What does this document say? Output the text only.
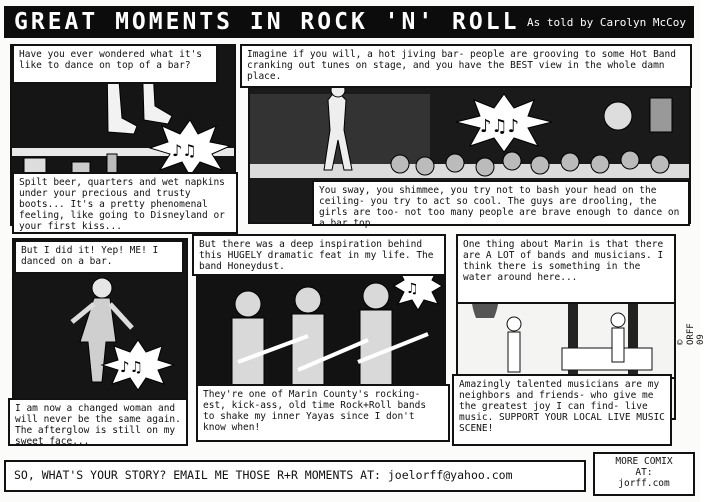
GREAT MOMENTS IN ROCK 'N' ROLL As told by Carolyn McCoy
♪♫
Have you ever wondered what it's like to dance on top of a bar?
Spilt beer, quarters and wet napkins under your precious and trusty boots... It's a pretty phenomenal feeling, like going to Disneyland or your first kiss...
♪♫♪
Imagine if you will, a hot jiving bar- people are grooving to some Hot Band cranking out tunes on stage, and you have the BEST view in the whole damn place.
You sway, you shimmee, you try not to bash your head on the ceiling- you try to act so cool. The guys are drooling, the girls are too- not too many people are brave enough to dance on a bar top.
♪♫
But I did it! Yep! ME! I danced on a bar.
I am now a changed woman and will never be the same again. The afterglow is still on my sweet face...
♫
But there was a deep inspiration behind this HUGELY dramatic feat in my life. The band Honeydust.
They're one of Marin County's rocking-est, kick-ass, old time Rock+Roll bands to shake my inner Yayas since I don't know when!
One thing about Marin is that there are A LOT of bands and musicians. I think there is something in the water around here...
Amazingly talented musicians are my neighbors and friends- who give me the greatest joy I can find- live music. SUPPORT YOUR LOCAL LIVE MUSIC SCENE!
© ORFF 09
SO, WHAT'S YOUR STORY? EMAIL ME THOSE R+R MOMENTS AT: joelorff@yahoo.com
MORE COMIX
AT:
jorff.com
